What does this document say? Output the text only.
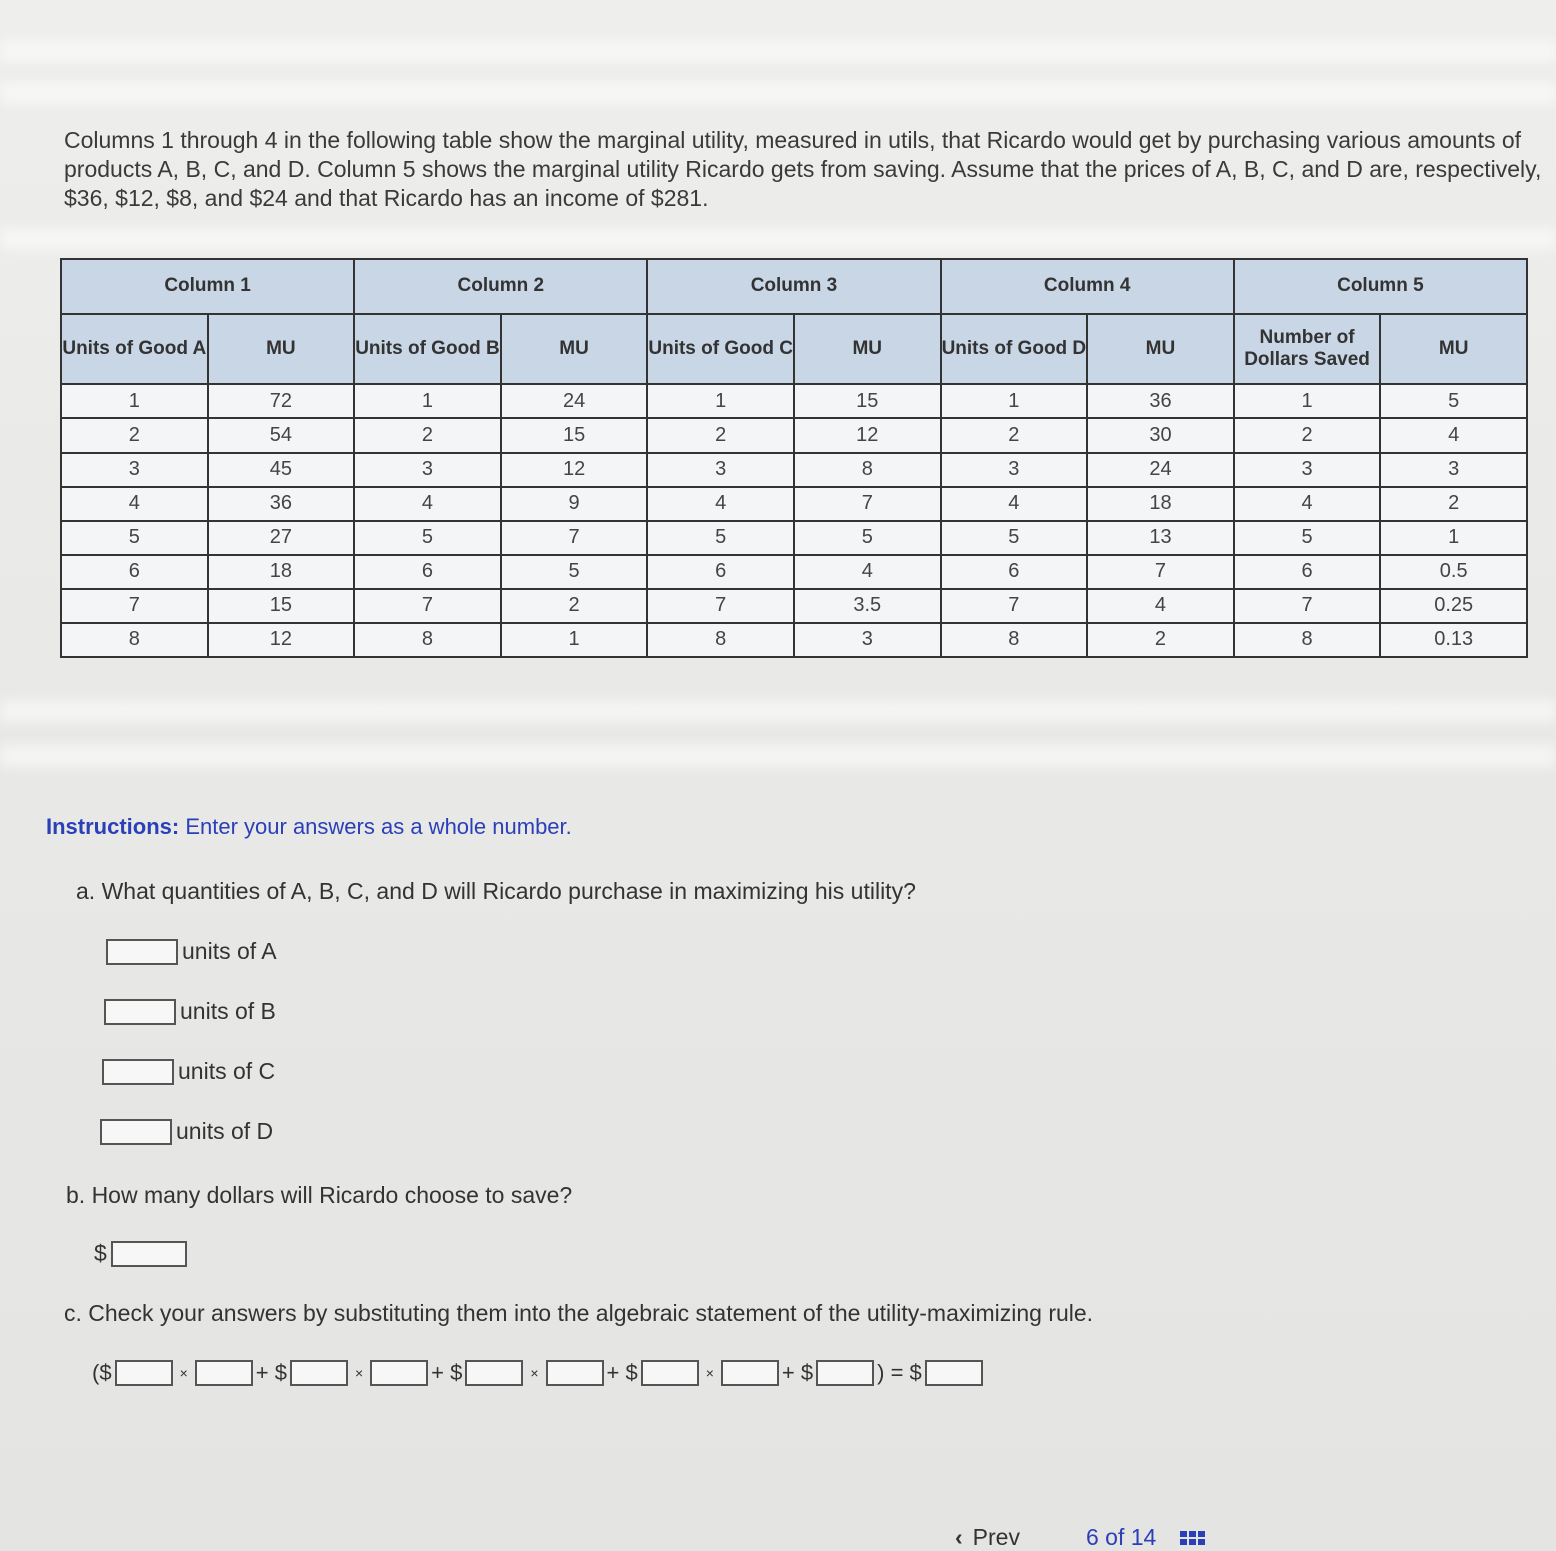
Columns 1 through 4 in the following table show the marginal utility, measured in utils, that Ricardo would get by purchasing various amounts of products A, B, C, and D. Column 5 shows the marginal utility Ricardo gets from saving. Assume that the prices of A, B, C, and D are, respectively, $36, $12, $8, and $24 and that Ricardo has an income of $281.
Column 1		Column 2		Column 3		Column 4		Column 5	
Units of Good A	MU	Units of Good B	MU	Units of Good C	MU	Units of Good D	MU	Number of Dollars Saved	MU
1	72	1	24	1	15	1	36	1	5
2	54	2	15	2	12	2	30	2	4
3	45	3	12	3	8	3	24	3	3
4	36	4	9	4	7	4	18	4	2
5	27	5	7	5	5	5	13	5	1
6	18	6	5	6	4	6	7	6	0.5
7	15	7	2	7	3.5	7	4	7	0.25
8	12	8	1	8	3	8	2	8	0.13
Instructions: Enter your answers as a whole number.
a. What quantities of A, B, C, and D will Ricardo purchase in maximizing his utility?
units of A
units of B
units of C
units of D
b. How many dollars will Ricardo choose to save?
$
c. Check your answers by substituting them into the algebraic statement of the utility-maximizing rule.
($	×	+ $	×	+ $	×	+ $	×	+ $	) = $
‹ Prev	6 of 14
